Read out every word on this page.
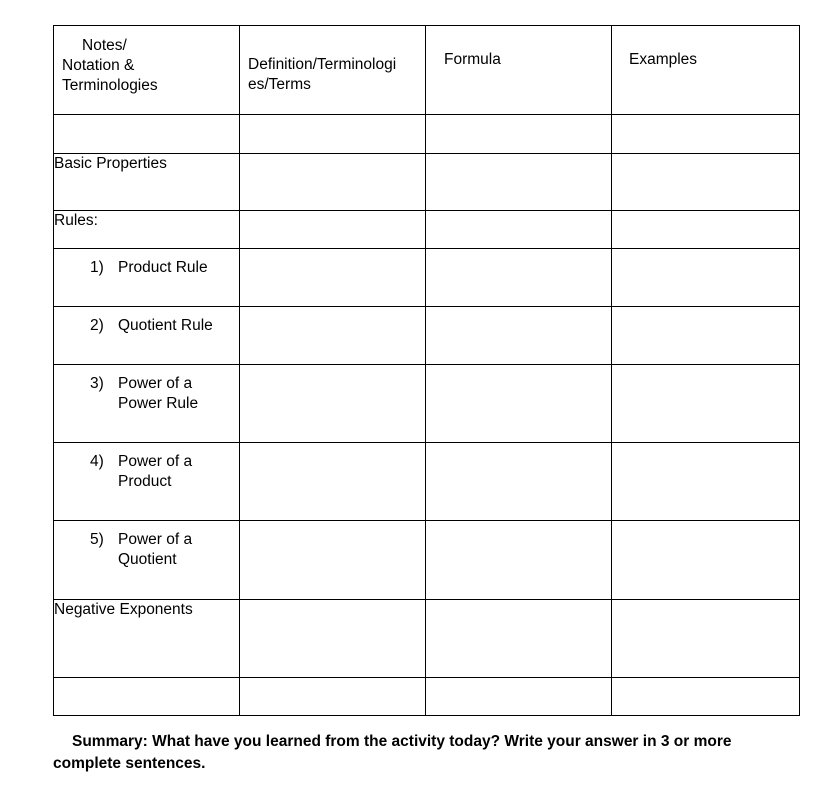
Notes/
Notation &
Terminologies	Definition/Terminologi es/Terms	Formula	Examples

Basic Properties			
Rules:			

1) Product Rule			

2) Quotient Rule			

3) Power of a Power Rule			

4) Power of a Product			

5) Power of a Quotient			

Negative Exponents			

Summary: What have you learned from the activity today? Write your answer in 3 or more complete sentences.
